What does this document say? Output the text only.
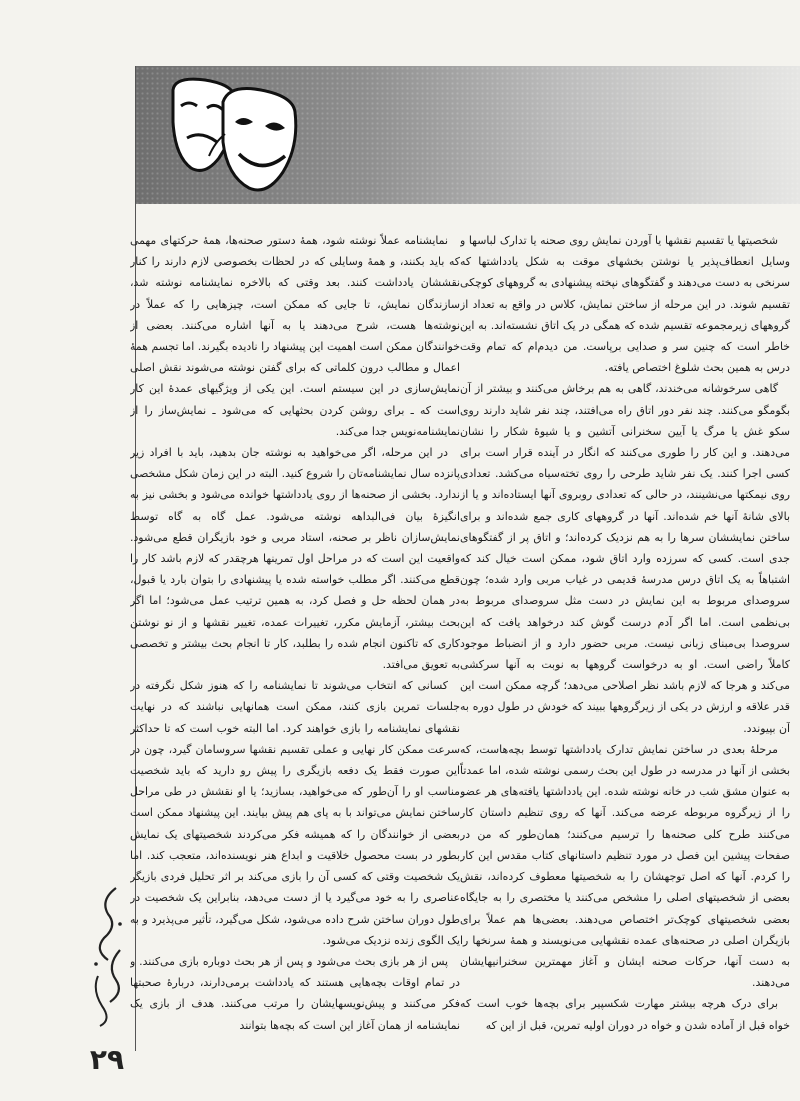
شخصیتها یا تقسیم نقشها یا آوردن نمایش روی صحنه یا تدارک لباسها و وسایل انعطاف‌پذیر یا نوشتن بخشهای موقت به شکل یادداشتها که سرنخی به دست می‌دهند و گفتگوهای نپخته پیشنهادی به گروههای کوچکی تقسیم شوند. در این مرحله از ساختن نمایش، کلاس در واقع به تعداد از گروههای زیرمجموعه تقسیم شده که همگی در یک اتاق نشسته‌اند. به این خاطر است که چنین سر و صدایی برپاست. من دیدم‌ام که تمام وقت درس به همین بحث شلوغ اختصاص یافته.

گاهی سرخوشانه می‌خندند، گاهی به هم برخاش می‌کنند و بیشتر از آن بگومگو می‌کنند. چند نفر دور اتاق راه می‌افتند، چند نفر شاید دارند روی سکو غش یا مرگ یا آیین سخنرانی آتشین و یا شیوهٔ شکار را نشان می‌دهند. و این کار را طوری می‌کنند که انگار در آینده قرار است برای کسی اجرا کنند. یک نفر شاید طرحی را روی تخته‌سیاه می‌کشد. تعدادی روی نیمکتها می‌نشینند، در حالی که تعدادی روبروی آنها ایستاده‌اند و یا از بالای شانهٔ آنها خم شده‌اند. آنها در گروههای کاری جمع شده‌اند و برای ساختن نمایششان سرها را به هم نزدیک کرده‌اند؛ و اتاق پر از گفتگوهای جدی است. کسی که سرزده وارد اتاق شود، ممکن است خیال کند که اشتباهاً به یک اتاق درس مدرسهٔ قدیمی در غیاب مربی وارد شده؛ چون سروصدای مربوط به این نمایش در دست مثل سروصدای مربوط به بی‌نظمی است. اما اگر آدم درست گوش کند درخواهد یافت که این سروصدا بی‌مبنای زبانی نیست. مربی حضور دارد و از انضباط موجود کاملاً راضی است. او به درخواست گروهها به نوبت به آنها سرکشی می‌کند و هرجا که لازم باشد نظر اصلاحی می‌دهد؛ گرچه ممکن است این قدر علاقه و ارزش در یکی از زیرگروهها ببیند که خودش در طول دوره به آن بپیوندد.

مرحلهٔ بعدی در ساختن نمایش تدارک یادداشتها توسط بچه‌هاست، که بخشی از آنها در مدرسه در طول این بحث رسمی نوشته شده، اما عمدتاً به عنوان مشق شب در خانه نوشته شده. این یادداشتها یافته‌های هر عضو را از زیرگروه مربوطه عرضه می‌کند. آنها که روی تنظیم داستان کار می‌کنند طرح کلی صحنه‌ها را ترسیم می‌کنند؛ همان‌طور که من در صفحات پیشین این فصل در مورد تنظیم داستانهای کتاب مقدس این کار را کردم. آنها که اصل توجهشان را به شخصیتها معطوف کرده‌اند، نقش بعضی از شخصیتهای اصلی را مشخص می‌کنند یا مختصری را به جایگاه بعضی شخصیتهای کوچک‌تر اختصاص می‌دهند. بعضی‌ها هم عملاً برای بازیگران اصلی در صحنه‌های عمده نقشهایی می‌نویسند و همهٔ سرنخها را به دست آنها، حرکات صحنه ایشان و آغاز مهمترین سخنرانیهایشان می‌دهند.

برای درک هرچه بیشتر مهارت شکسپیر برای بچه‌ها خوب است که خواه قبل از آماده شدن و خواه در دوران اولیه تمرین، قبل از این که

نمایشنامه عملاً نوشته شود، همهٔ دستور صحنه‌ها، همهٔ حرکتهای مهمی که باید بکنند، و همهٔ وسایلی که در لحظات بخصوصی لازم دارند را کنار نقششان یادداشت کنند. بعد وقتی که بالاخره نمایشنامه نوشته شد، سازندگان نمایش، تا جایی که ممکن است، چیزهایی را که عملاً در نوشته‌ها هست، شرح می‌دهند یا به آنها اشاره می‌کنند. بعضی از خوانندگان ممکن است اهمیت این پیشنهاد را نادیده بگیرند. اما تجسم همهٔ اعمال و مطالب درون کلماتی که برای گفتن نوشته می‌شوند نقش اصلی نمایش‌سازی در این سیستم است. این یکی از ویژگیهای عمدهٔ این کار است که ـ برای روشن کردن بحثهایی که می‌شود ـ نمایش‌ساز را از نمایشنامه‌نویس جدا می‌کند.

در این مرحله، اگر می‌خواهید به نوشته جان بدهید، باید با افراد زیر پانزده سال نمایشنامه‌تان را شروع کنید. البته در این زمان شکل مشخصی ندارد. بخشی از صحنه‌ها از روی یادداشتها خوانده می‌شود و بخشی نیز به انگیزهٔ بیان فی‌البداهه نوشته می‌شود. عمل گاه به گاه توسط نمایش‌سازان ناظر بر صحنه، استاد مربی و خود بازیگران قطع می‌شود. واقعیت این است که در مراحل اول تمرینها هرچقدر که لازم باشد کار را قطع می‌کنند. اگر مطلب خواسته شده یا پیشنهادی را بتوان بارد یا قبول، در همان لحظه حل و فصل کرد، به همین ترتیب عمل می‌شود؛ اما اگر بحث بیشتر، آزمایش مکرر، تغییرات عمده، تغییر نقشها و از نو نوشتن کاری که تاکنون انجام شده را بطلبد، کار تا انجام بحث بیشتر و تخصصی به تعویق می‌افتد.

کسانی که انتخاب می‌شوند تا نمایشنامه را که هنوز شکل نگرفته در جلسات تمرین بازی کنند، ممکن است همانهایی نباشند که در نهایت نقشهای نمایشنامه را بازی خواهند کرد. اما البته خوب است که تا حداکثر سرعت ممکن کار نهایی و عملی تقسیم نقشها سروسامان گیرد، چون در این صورت فقط یک دفعه بازیگری را پیش رو دارید که باید شخصیت مناسب او را آن‌طور که می‌خواهید، بسازید؛ یا او نقشش در طی مراحل ساختن نمایش می‌تواند با به پای هم پیش بیایند. این پیشنهاد ممکن است بعضی از خوانندگان را که همیشه فکر می‌کردند شخصیتهای یک نمایش بطور در بست محصول خلاقیت و ابداع هنر نویسنده‌اند، متعجب کند. اما یک شخصیت وقتی که کسی آن را بازی می‌کند بر اثر تحلیل فردی بازیگر عناصری را به خود می‌گیرد یا از دست می‌دهد، بنابراین یک شخصیت در طول دوران ساختن شرح داده می‌شود، شکل می‌گیرد، تأثیر می‌پذیرد و به یک الگوی زنده نزدیک می‌شود.

پس از هر بازی بحث می‌شود و پس از هر بحث دوباره بازی می‌کنند. و در تمام اوقات بچه‌هایی هستند که یادداشت برمی‌دارند، دربارهٔ صحبتها فکر می‌کنند و پیش‌نویسهایشان را مرتب می‌کنند. هدف از بازی یک نمایشنامه از همان آغاز این است که بچه‌ها بتوانند

۲۹
